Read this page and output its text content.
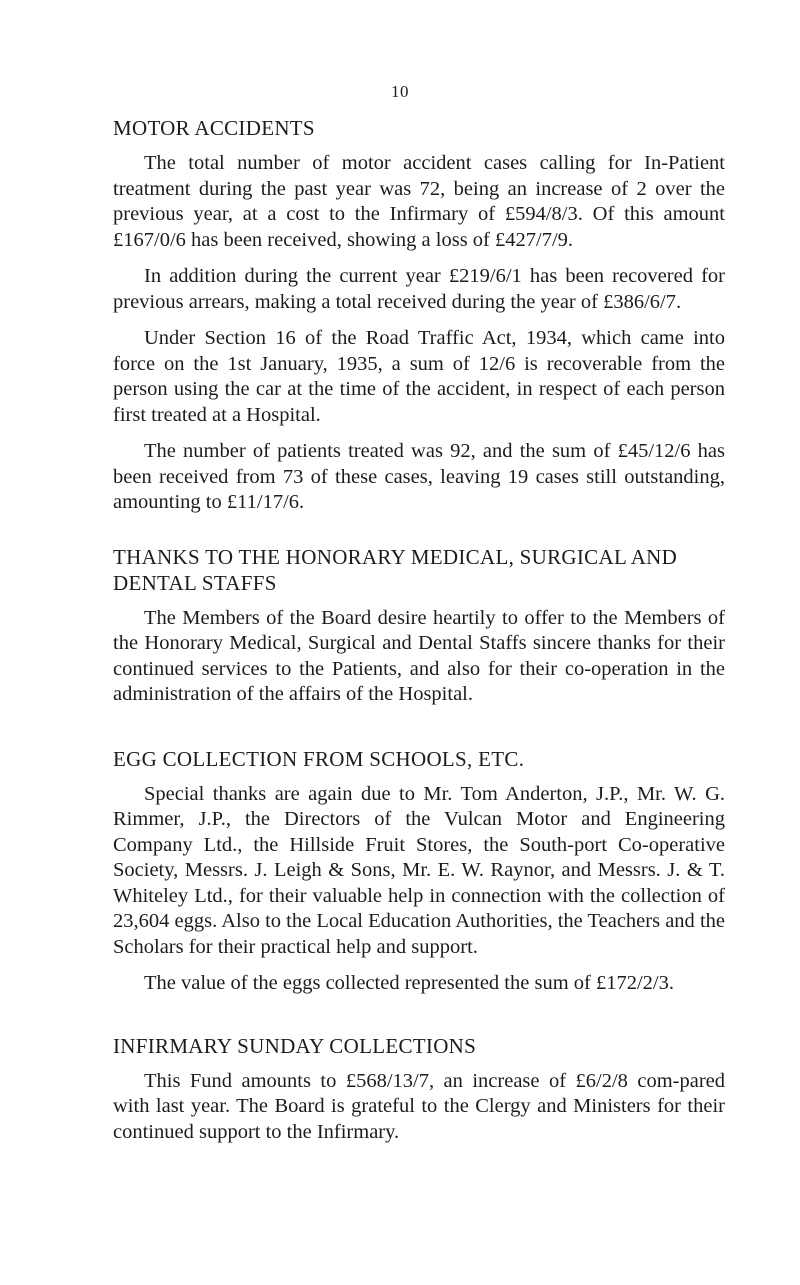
10
MOTOR ACCIDENTS

The total number of motor accident cases calling for In-Patient treatment during the past year was 72, being an increase of 2 over the previous year, at a cost to the Infirmary of £594/8/3. Of this amount £167/0/6 has been received, showing a loss of £427/7/9.

In addition during the current year £219/6/1 has been recovered for previous arrears, making a total received during the year of £386/6/7.

Under Section 16 of the Road Traffic Act, 1934, which came into force on the 1st January, 1935, a sum of 12/6 is recoverable from the person using the car at the time of the accident, in respect of each person first treated at a Hospital.

The number of patients treated was 92, and the sum of £45/12/6 has been received from 73 of these cases, leaving 19 cases still outstanding, amounting to £11/17/6.

THANKS TO THE HONORARY MEDICAL, SURGICAL AND DENTAL STAFFS

The Members of the Board desire heartily to offer to the Members of the Honorary Medical, Surgical and Dental Staffs sincere thanks for their continued services to the Patients, and also for their co-operation in the administration of the affairs of the Hospital.

EGG COLLECTION FROM SCHOOLS, ETC.

Special thanks are again due to Mr. Tom Anderton, J.P., Mr. W. G. Rimmer, J.P., the Directors of the Vulcan Motor and Engineering Company Ltd., the Hillside Fruit Stores, the South-port Co-operative Society, Messrs. J. Leigh & Sons, Mr. E. W. Raynor, and Messrs. J. & T. Whiteley Ltd., for their valuable help in connection with the collection of 23,604 eggs. Also to the Local Education Authorities, the Teachers and the Scholars for their practical help and support.

The value of the eggs collected represented the sum of £172/2/3.

INFIRMARY SUNDAY COLLECTIONS

This Fund amounts to £568/13/7, an increase of £6/2/8 com-pared with last year. The Board is grateful to the Clergy and Ministers for their continued support to the Infirmary.
